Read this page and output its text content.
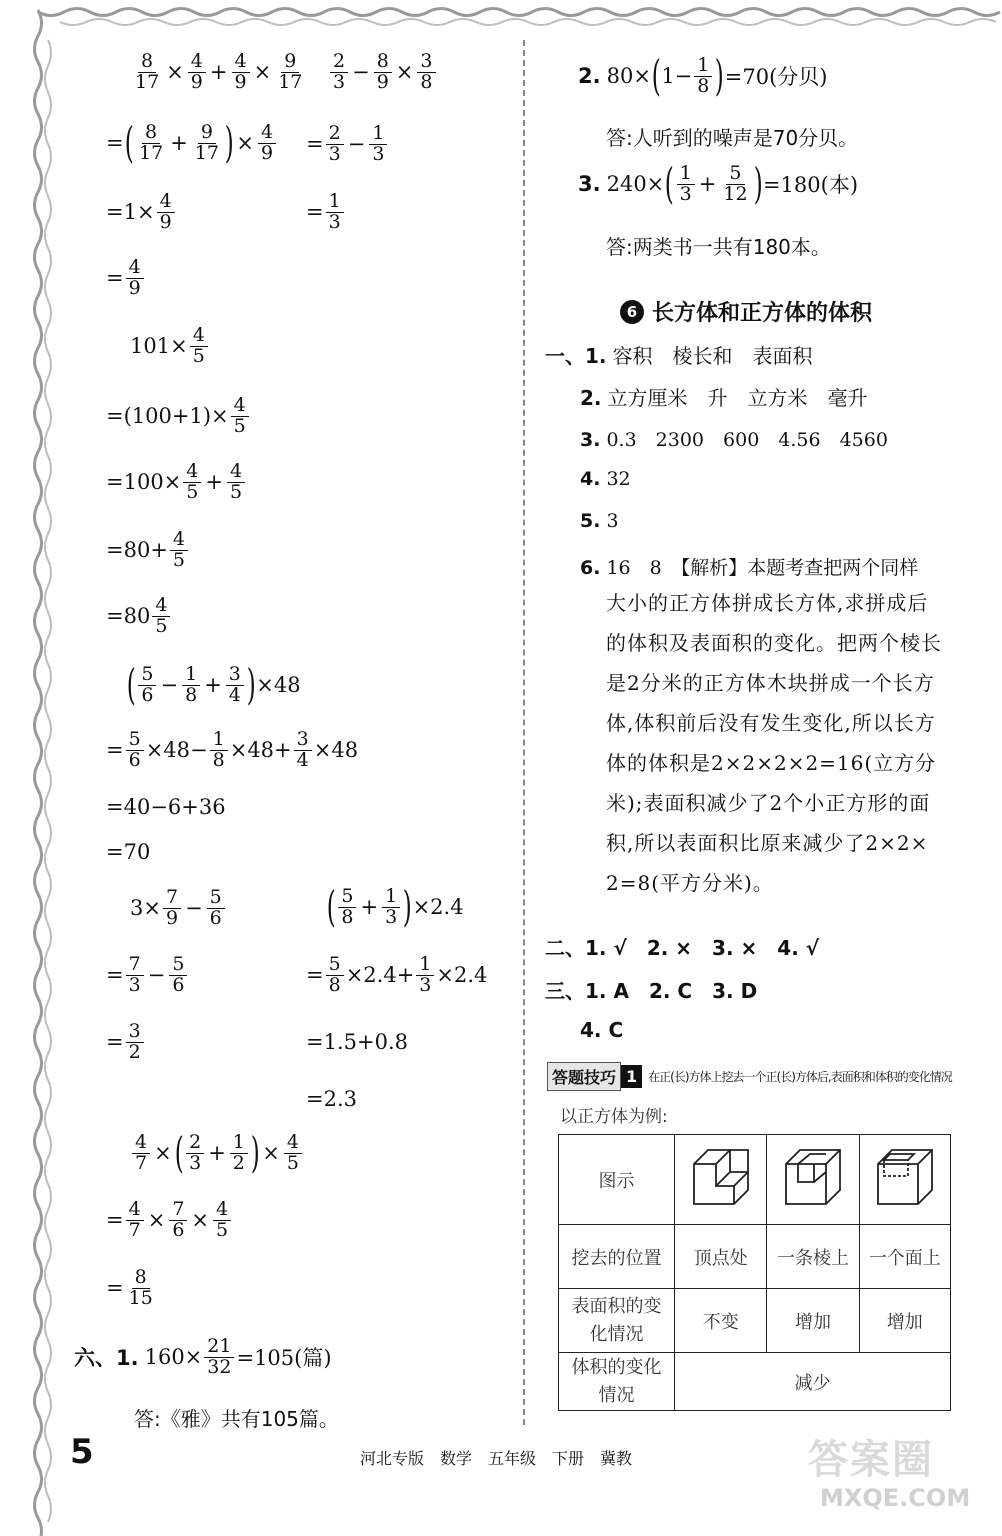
$\frac{8}{17} \times \frac{4}{9} + \frac{4}{9} \times \frac{9}{17} \frac{2}{3} - \frac{8}{9} \times \frac{3}{8}$
= ( $\frac{8}{17} + \frac{9}{17}$ ) × $\frac{4}{9} = \frac{2}{3} - \frac{1}{3}$
$=1\times \frac{4}{9}$	= $\frac{1}{3}$
= $\frac{4}{9}$
$101\times \frac{4}{5}$
$=(100+1)\times \frac{4}{5}$
$=100\times \frac{4}{5} + \frac{4}{5}$
$=80+ \frac{4}{5}$
$=80 \frac{4}{5}$
( $\frac{5}{6} - \frac{1}{8} + \frac{3}{4}$ ) ×48
= $\frac{5}{6} \times 48- \frac{1}{8} \times 48+ \frac{3}{4} \times 48$
=40−6+36
=70
$3\times \frac{7}{9} - \frac{5}{6}$ ( $\frac{5}{8} + \frac{1}{3}$ ) ×2.4
= $\frac{7}{3} - \frac{5}{6}$	= $\frac{5}{8} \times 2.4+ \frac{1}{3} \times 2.4$
= $\frac{3}{2}$	=1.5+0.8
=2.3
$\frac{4}{7}$ × ( $\frac{2}{3} + \frac{1}{2}$ ) × $\frac{4}{5}$
= $\frac{4}{7} \times \frac{7}{6} \times \frac{4}{5}$
= $\frac{8}{15}$
六、1. $160\times \frac{21}{32} =105$(篇)
答:《雅》共有105篇。
2. 80× ( $1- \frac{1}{8}$ ) =70(分贝)
答:人听到的噪声是70分贝。
3. 240× ( $\frac{1}{3} + \frac{5}{12}$ ) =180(本)
答:两类书一共有180本。
6 长方体和正方体的体积
一、1. 容积　棱长和　表面积
2. 立方厘米　升　立方米　毫升
3. 0.3　2300　600　4.56　4560
4. 32
5. 3
6. 16　8　【解析】本题考查把两个同样
大小的正方体拼成长方体,求拼成后
的体积及表面积的变化。把两个棱长
是2分米的正方体木块拼成一个长方
体,体积前后没有发生变化,所以长方
体的体积是2×2×2×2=16(立方分
米);表面积减少了2个小正方形的面
积,所以表面积比原来减少了2×2×
2=8(平方分米)。
二、1. √　2. ×　3. ×　4. √
三、1. A　2. C　3. D
4. C
答题技巧 1 在正(长)方体上挖去一个正(长)方体后,表面积和体积的变化情况
以正方体为例:
图示			
挖去的位置	顶点处	一条棱上	一个面上
表面积的变化情况	不变	增加	增加
体积的变化情况	减少		
5	河北专版　数学　五年级　下册　冀教	答案圈
MXQE.COM
